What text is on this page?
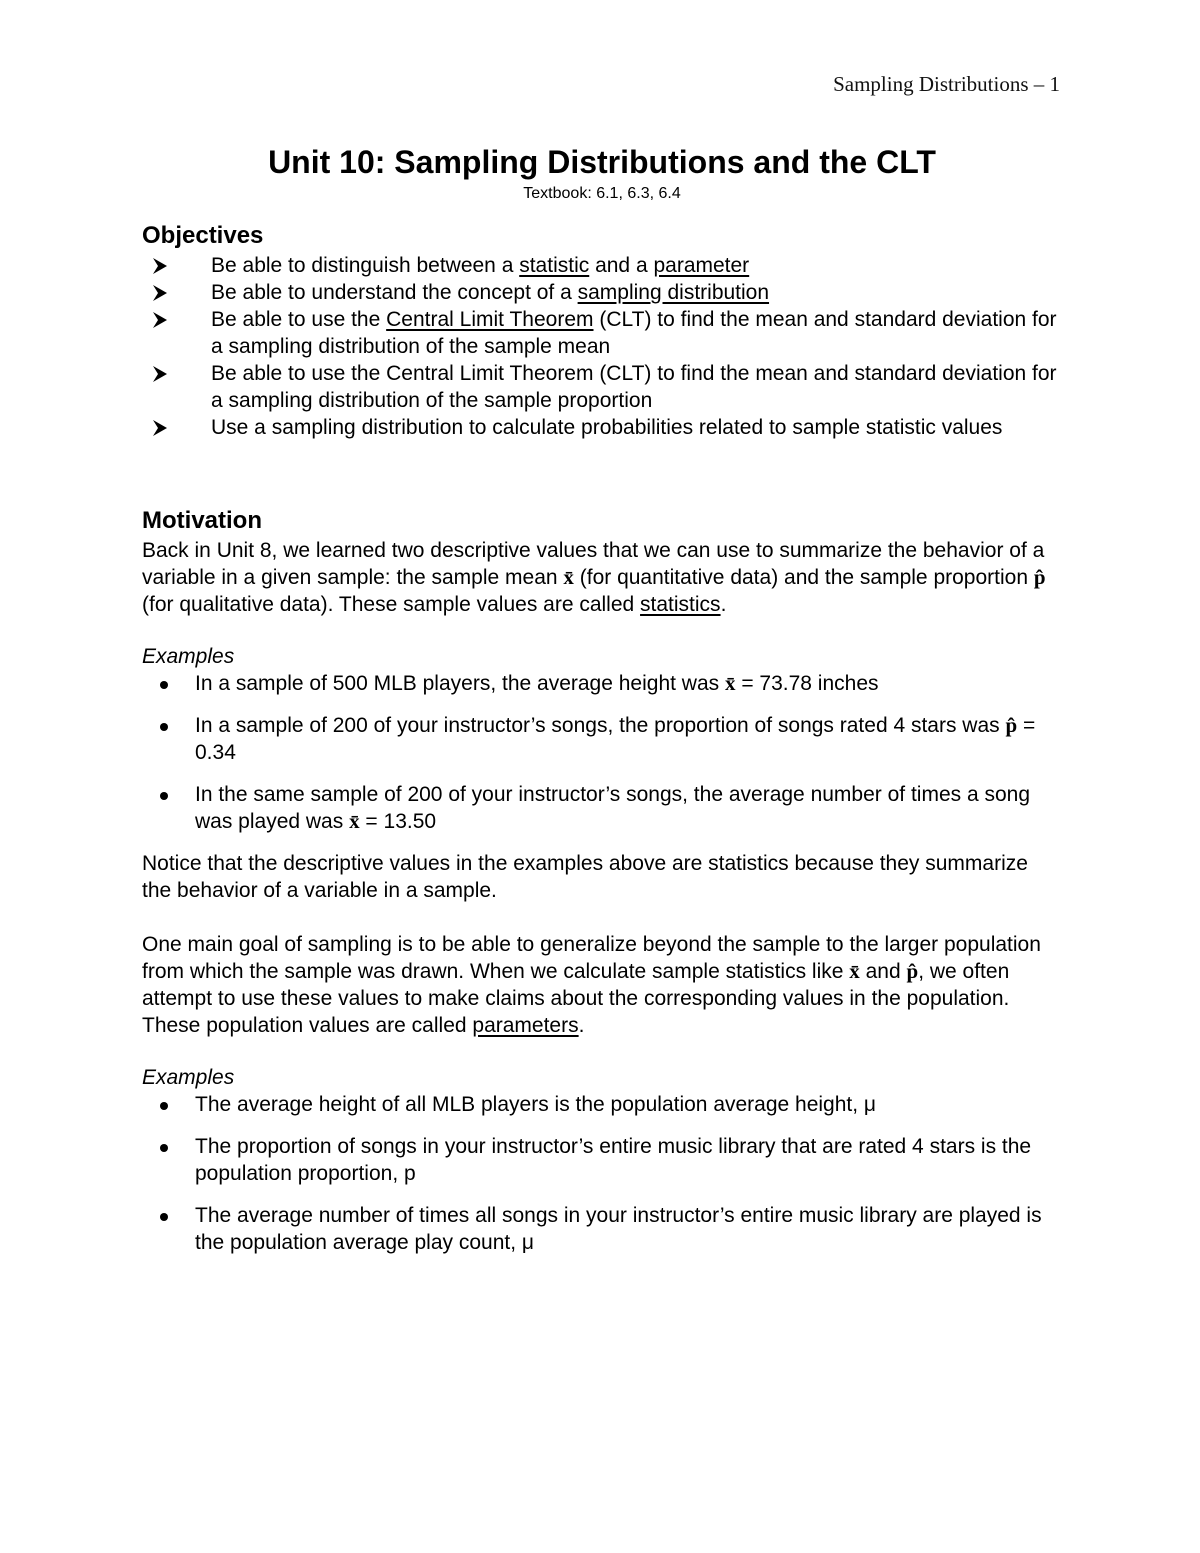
Sampling Distributions – 1
Unit 10: Sampling Distributions and the CLT

Textbook: 6.1, 6.3, 6.4

Objectives
Be able to distinguish between a statistic and a parameter
Be able to understand the concept of a sampling distribution
Be able to use the Central Limit Theorem (CLT) to find the mean and standard deviation for a sampling distribution of the sample mean
Be able to use the Central Limit Theorem (CLT) to find the mean and standard deviation for a sampling distribution of the sample proportion
Use a sampling distribution to calculate probabilities related to sample statistic values
Motivation

Back in Unit 8, we learned two descriptive values that we can use to summarize the behavior of a variable in a given sample: the sample mean x̄ (for quantitative data) and the sample proportion p̂ (for qualitative data). These sample values are called statistics.

Examples

In a sample of 500 MLB players, the average height was x̄ = 73.78 inches
In a sample of 200 of your instructor’s songs, the proportion of songs rated 4 stars was p̂ = 0.34
In the same sample of 200 of your instructor’s songs, the average number of times a song was played was x̄ = 13.50

Notice that the descriptive values in the examples above are statistics because they summarize the behavior of a variable in a sample.

One main goal of sampling is to be able to generalize beyond the sample to the larger population from which the sample was drawn. When we calculate sample statistics like x̄ and p̂, we often attempt to use these values to make claims about the corresponding values in the population. These population values are called parameters.

Examples

The average height of all MLB players is the population average height, μ
The proportion of songs in your instructor’s entire music library that are rated 4 stars is the population proportion, p
The average number of times all songs in your instructor’s entire music library are played is the population average play count, μ
